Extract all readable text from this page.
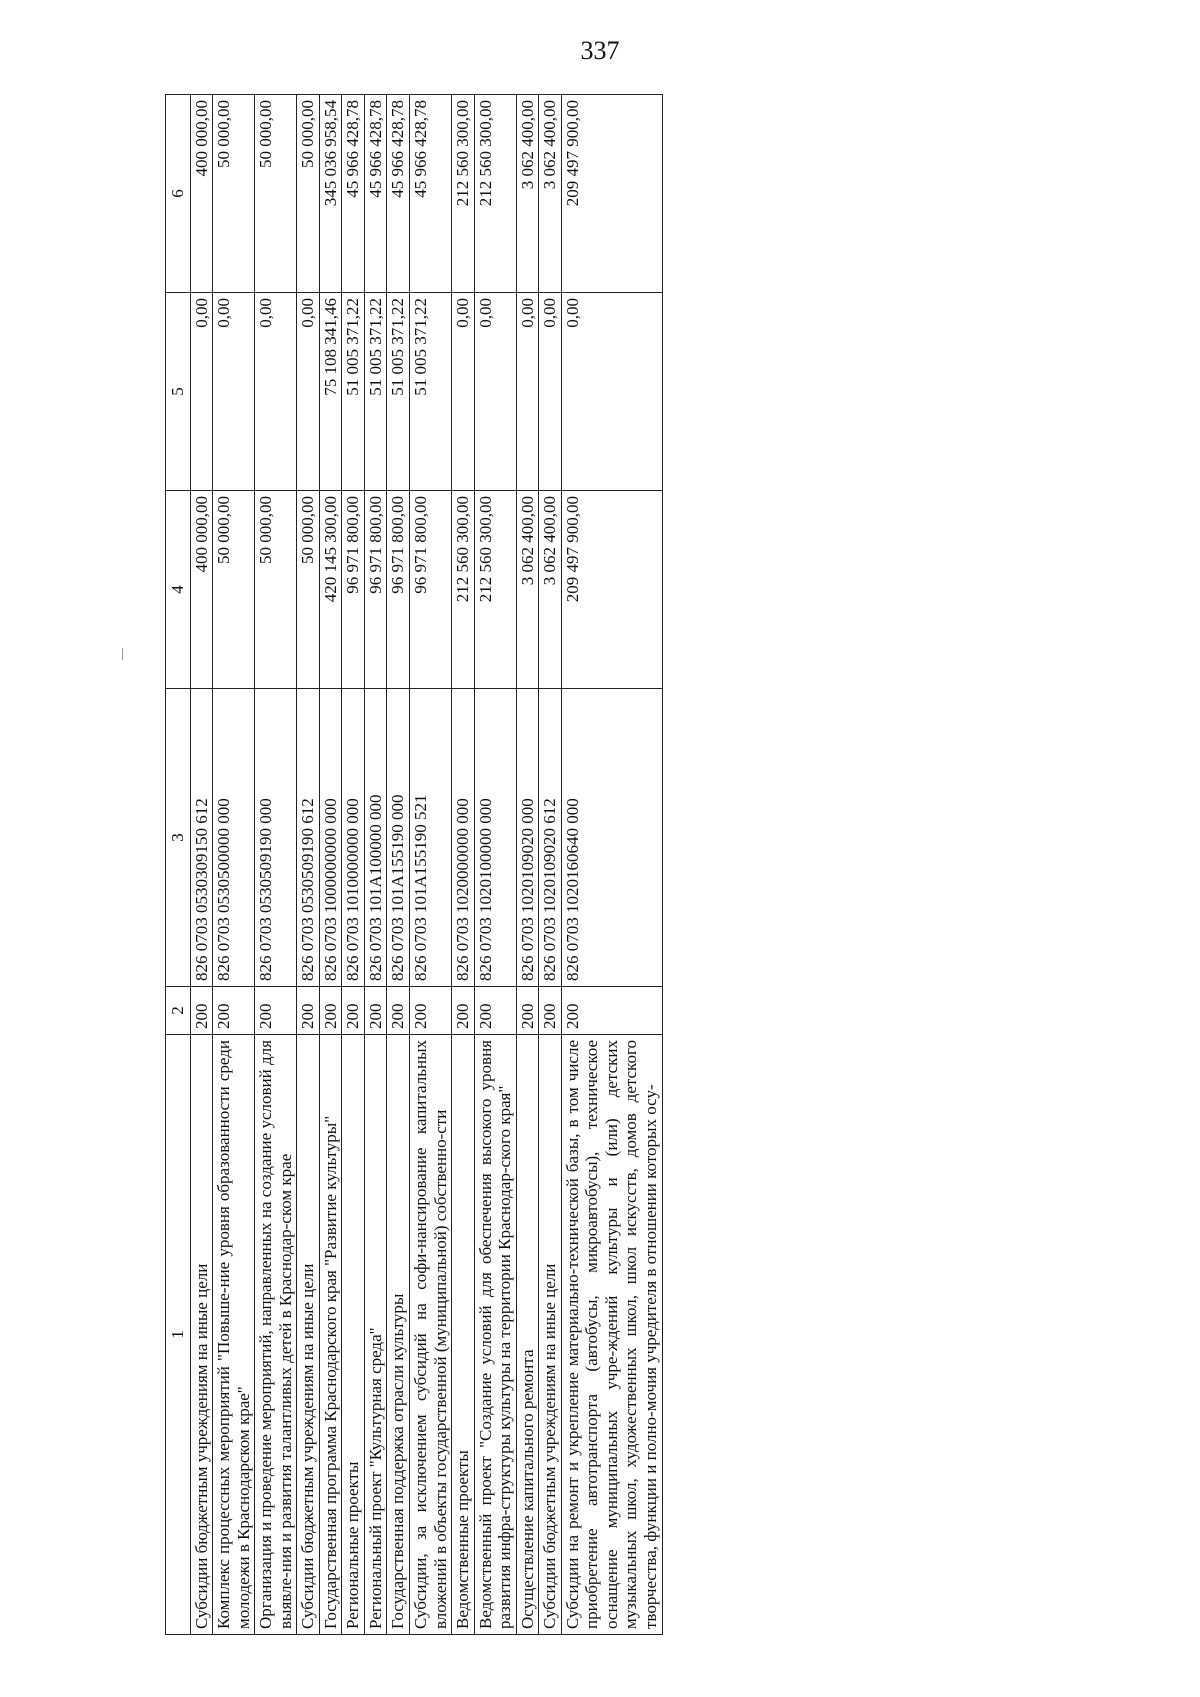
337
1	2	3	4	5	6
Субсидии бюджетным учреждениям на иные цели	200	826 0703 0530309150 612	400 000,00	0,00	400 000,00
Комплекс процессных мероприятий "Повыше-ние уровня образованности среди молодежи в Краснодарском крае"	200	826 0703 0530500000 000	50 000,00	0,00	50 000,00
Организация и проведение мероприятий, направленных на создание условий для выявле-ния и развития талантливых детей в Краснодар-ском крае	200	826 0703 0530509190 000	50 000,00	0,00	50 000,00
Субсидии бюджетным учреждениям на иные цели	200	826 0703 0530509190 612	50 000,00	0,00	50 000,00
Государственная программа Краснодарского края "Развитие культуры"	200	826 0703 1000000000 000	420 145 300,00	75 108 341,46	345 036 958,54
Региональные проекты	200	826 0703 1010000000 000	96 971 800,00	51 005 371,22	45 966 428,78
Региональный проект "Культурная среда"	200	826 0703 101А100000 000	96 971 800,00	51 005 371,22	45 966 428,78
Государственная поддержка отрасли культуры	200	826 0703 101А155190 000	96 971 800,00	51 005 371,22	45 966 428,78
Субсидии, за исключением субсидий на софи-нансирование капитальных вложений в объекты государственной (муниципальной) собственно-сти	200	826 0703 101А155190 521	96 971 800,00	51 005 371,22	45 966 428,78
Ведомственные проекты	200	826 0703 1020000000 000	212 560 300,00	0,00	212 560 300,00
Ведомственный проект "Создание условий для обеспечения высокого уровня развития инфра-структуры культуры на территории Краснодар-ского края"	200	826 0703 1020100000 000	212 560 300,00	0,00	212 560 300,00
Осуществление капитального ремонта	200	826 0703 1020109020 000	3 062 400,00	0,00	3 062 400,00
Субсидии бюджетным учреждениям на иные цели	200	826 0703 1020109020 612	3 062 400,00	0,00	3 062 400,00
Субсидии на ремонт и укрепление материально-технической базы, в том числе приобретение автотранспорта (автобусы, микроавтобусы), техническое оснащение муниципальных учре-ждений культуры и (или) детских музыкальных школ, художественных школ, школ искусств, домов детского творчества, функции и полно-мочия учредителя в отношении которых осу-	200	826 0703 1020160640 000	209 497 900,00	0,00	209 497 900,00
